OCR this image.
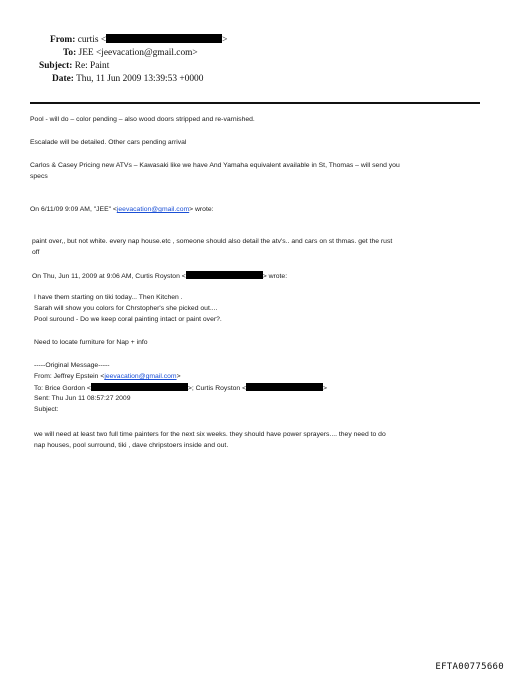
From: curtis <	>
To: JEE <jeevacation@gmail.com>
Subject: Re: Paint
Date: Thu, 11 Jun 2009 13:39:53 +0000
Pool - will do – color pending – also wood doors stripped and re-varnished.
Escalade will be detailed. Other cars pending arrival
Carlos & Casey Pricing new ATVs – Kawasaki like we have And Yamaha equivalent available in St, Thomas – will send you
specs
On 6/11/09 9:09 AM, "JEE" <jeevacation@gmail.com> wrote:
paint over,, but not white. every nap house.etc , someone should also detail the atv's.. and cars on st thmas. get the rust
off
On Thu, Jun 11, 2009 at 9:06 AM, Curtis Royston <	> wrote:
I have them starting on tiki today... Then Kitchen .
Sarah will show you colors for Chrstopher's she picked out....
Pool suround - Do we keep coral painting intact or paint over?.
Need to locate furniture for Nap + info
-----Original Message-----
From: Jeffrey Epstein <jeevacation@gmail.com>
To: Brice Gordon <	>; Curtis Royston <	>
Sent: Thu Jun 11 08:57:27 2009
Subject:
we will need at least two full time painters for the next six weeks. they should have power sprayers.... they need to do
nap houses, pool surround, tiki , dave chripstoers inside and out.
EFTA00775660
